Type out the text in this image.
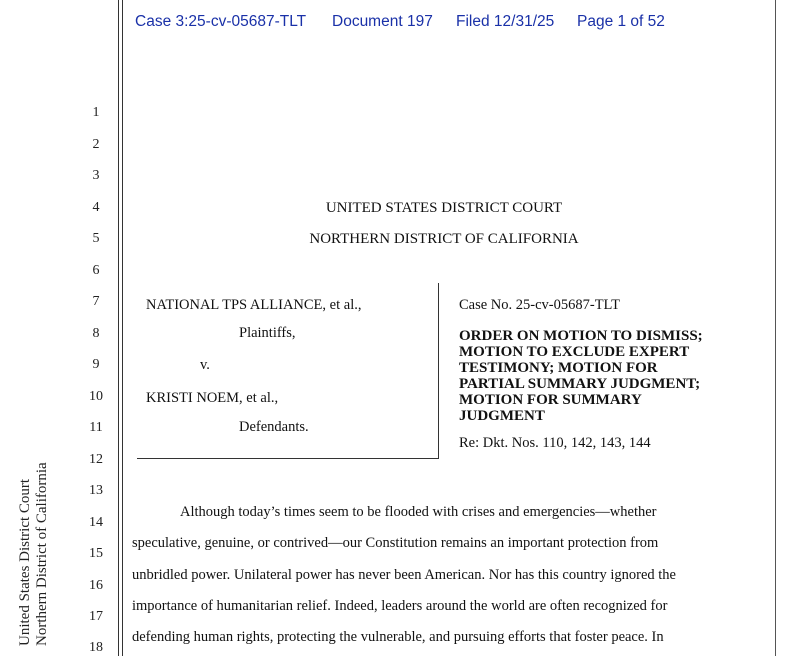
Case 3:25-cv-05687-TLT Document 197 Filed 12/31/25 Page 1 of 52
1
2
3
4
5
6
7
8
9
10
11
12
13
14
15
16
17
18
United States District Court Northern District of California
UNITED STATES DISTRICT COURT
NORTHERN DISTRICT OF CALIFORNIA
NATIONAL TPS ALLIANCE, et al.,
Plaintiffs,
v.
KRISTI NOEM, et al.,
Defendants.
Case No. 25-cv-05687-TLT
ORDER ON MOTION TO DISMISS;
MOTION TO EXCLUDE EXPERT
TESTIMONY; MOTION FOR
PARTIAL SUMMARY JUDGMENT;
MOTION FOR SUMMARY
JUDGMENT
Re: Dkt. Nos. 110, 142, 143, 144
Although today’s times seem to be flooded with crises and emergencies—whether
speculative, genuine, or contrived—our Constitution remains an important protection from
unbridled power. Unilateral power has never been American. Nor has this country ignored the
importance of humanitarian relief. Indeed, leaders around the world are often recognized for
defending human rights, protecting the vulnerable, and pursuing efforts that foster peace. In
